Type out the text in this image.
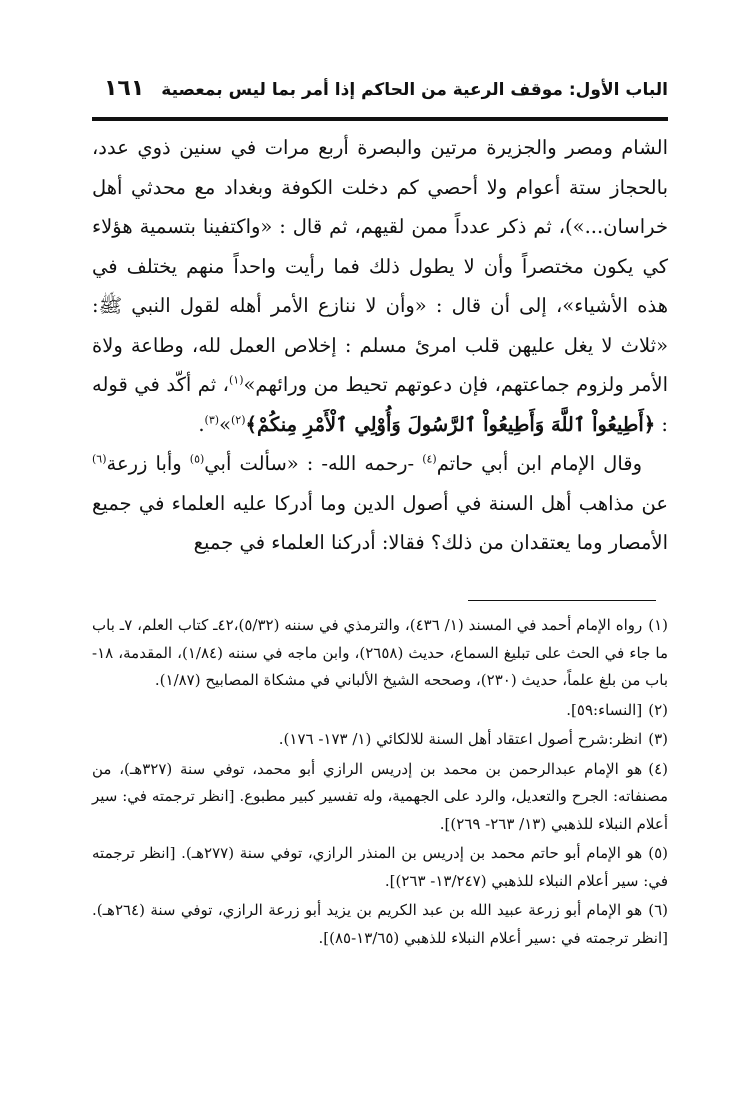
الباب الأول: موقف الرعية من الحاكم إذا أمر بما ليس بمعصية
١٦١

الشام ومصر والجزيرة مرتين والبصرة أربع مرات في سنين ذوي عدد، بالحجاز ستة أعوام ولا أحصي كم دخلت الكوفة وبغداد مع محدثي أهل خراسان...»)، ثم ذكر عدداً ممن لقيهم، ثم قال : «واكتفينا بتسمية هؤلاء كي يكون مختصراً وأن لا يطول ذلك فما رأيت واحداً منهم يختلف في هذه الأشياء»، إلى أن قال : «وأن لا ننازع الأمر أهله لقول النبي ﷺ: «ثلاث لا يغل عليهن قلب امرئ مسلم : إخلاص العمل لله، وطاعة ولاة الأمر ولزوم جماعتهم، فإن دعوتهم تحيط من ورائهم»$^{(١)}$، ثم أكّد في قوله : ﴿أَطِيعُواْ ٱللَّهَ وَأَطِيعُواْ ٱلرَّسُولَ وَأُوْلِي ٱلْأَمْرِ مِنكُمْ﴾$^{(٢)}$»$^{(٣)}$.

وقال الإمام ابن أبي حاتم$^{(٤)}$ -رحمه الله- : «سألت أبي$^{(٥)}$ وأبا زرعة$^{(٦)}$ عن مذاهب أهل السنة في أصول الدين وما أدركا عليه العلماء في جميع الأمصار وما يعتقدان من ذلك؟ فقالا: أدركنا العلماء في جميع

(١)رواه الإمام أحمد في المسند (١/ ٤٣٦)، والترمذي في سننه (٥/٣٢)،٤٢ـ كتاب العلم، ٧ـ باب ما جاء في الحث على تبليغ السماع، حديث (٢٦٥٨)، وابن ماجه في سننه (١/٨٤)، المقدمة، ١٨- باب من بلغ علماً، حديث (٢٣٠)، وصححه الشيخ الألباني في مشكاة المصابيح (١/٨٧).

(٢)[النساء:٥٩].

(٣)انظر:شرح أصول اعتقاد أهل السنة للالكائي (١/ ١٧٣- ١٧٦).

(٤)هو الإمام عبدالرحمن بن محمد بن إدريس الرازي أبو محمد، توفي سنة (٣٢٧هـ)، من مصنفاته: الجرح والتعديل، والرد على الجهمية، وله تفسير كبير مطبوع. [انظر ترجمته في: سير أعلام النبلاء للذهبي (١٣/ ٢٦٣- ٢٦٩)].

(٥)هو الإمام أبو حاتم محمد بن إدريس بن المنذر الرازي، توفي سنة (٢٧٧هـ). [انظر ترجمته في: سير أعلام النبلاء للذهبي (١٣/٢٤٧- ٢٦٣)].

(٦)هو الإمام أبو زرعة عبيد الله بن عبد الكريم بن يزيد أبو زرعة الرازي، توفي سنة (٢٦٤هـ).[انظر ترجمته في :سير أعلام النبلاء للذهبي (١٣/٦٥-٨٥)].
